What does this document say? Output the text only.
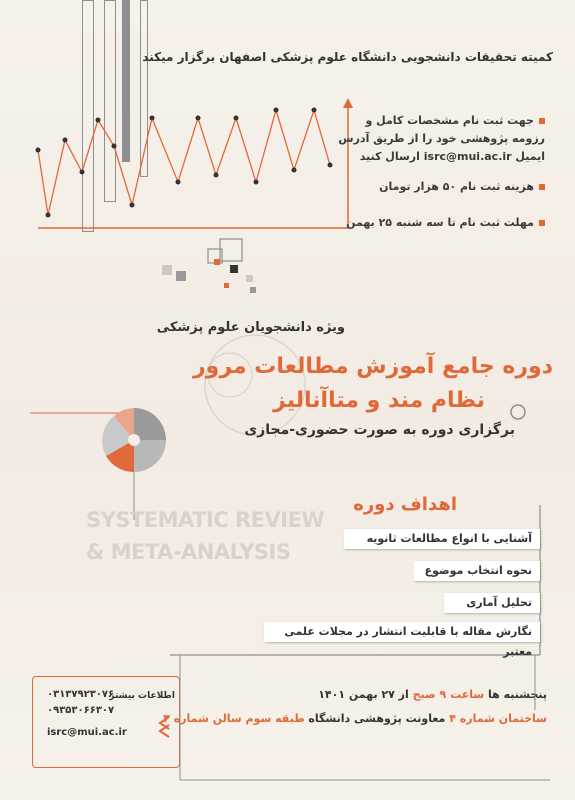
کمیته تحقیقات دانشجویی دانشگاه علوم پزشکی اصفهان برگزار میکند
جهت ثبت نام مشخصات کامل و
رزومه پژوهشی خود را از طریق آدرس
ایمیل isrc@mui.ac.ir ارسال کنید
هزینه ثبت نام ۵۰ هزار تومان
مهلت ثبت نام تا سه شنبه ۲۵ بهمن
ویژه دانشجویان علوم پزشکی
دوره جامع آموزش مطالعات مرور
نظام مند و متاآنالیز
برگزاری دوره به صورت حضوری-مجازی
SYSTEMATIC REVIEW
& META-ANALYSIS
اهداف دوره
آشنایی با انواع مطالعات ثانویه
نحوه انتخاب موضوع
تحلیل آماری
نگارش مقاله با قابلیت انتشار در مجلات علمی معتبر
اطلاعات بیشتر
۰۳۱۳۷۹۲۳۰۷۶
۰۹۳۵۳۰۶۶۳۰۷
isrc@mui.ac.ir
پنجشنبه ها ساعت ۹ صبح از ۲۷ بهمن ۱۴۰۱
ساختمان شماره ۴ معاونت پژوهشی دانشگاه طبقه سوم سالن شماره ۳
